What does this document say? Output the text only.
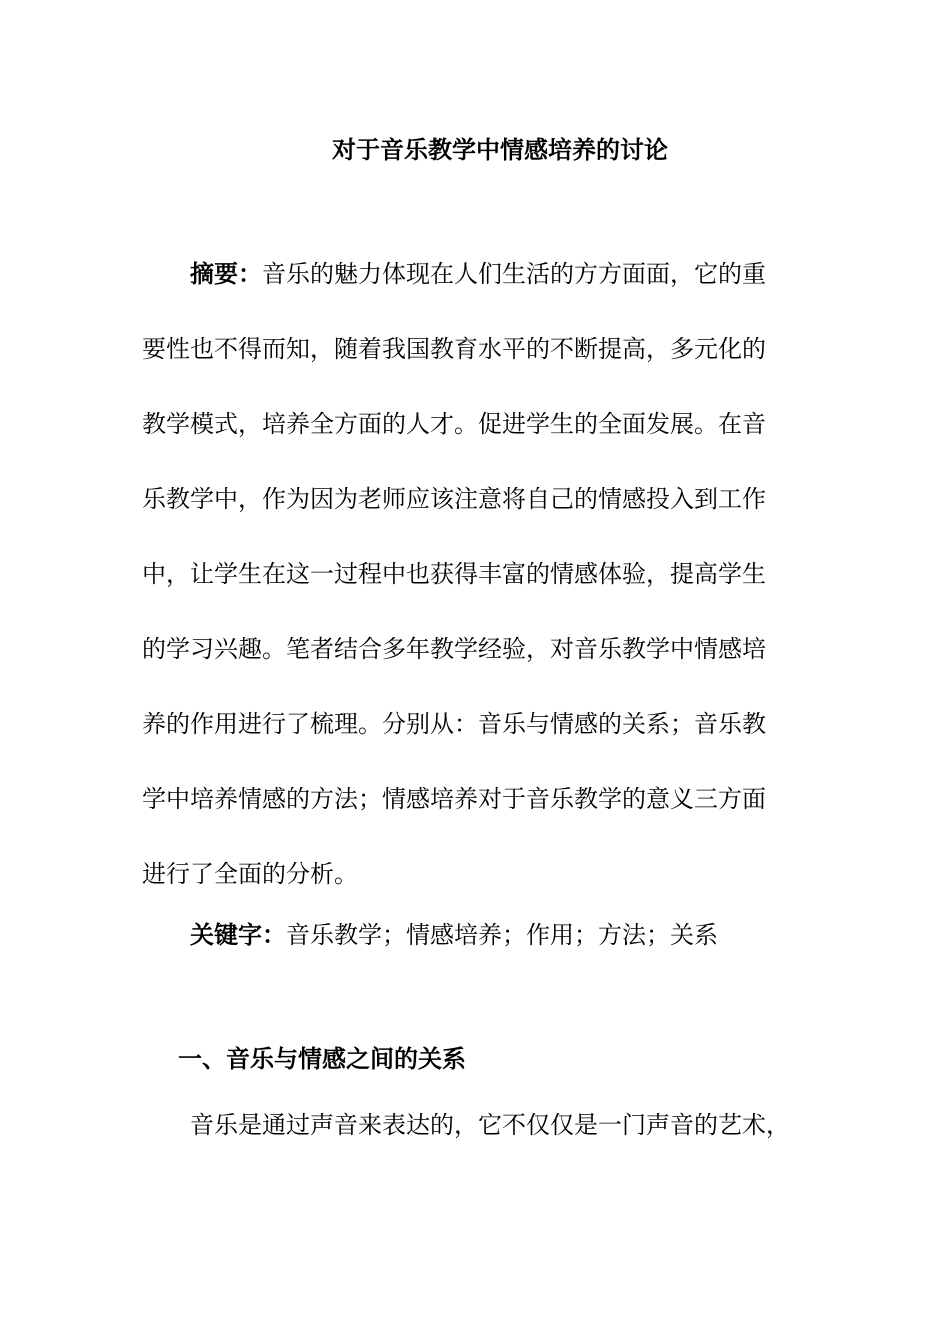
对于音乐教学中情感培养的讨论
摘要：音乐的魅力体现在人们生活的方方面面，它的重
要性也不得而知，随着我国教育水平的不断提高，多元化的
教学模式，培养全方面的人才。促进学生的全面发展。在音
乐教学中，作为因为老师应该注意将自己的情感投入到工作
中，让学生在这一过程中也获得丰富的情感体验，提高学生
的学习兴趣。笔者结合多年教学经验，对音乐教学中情感培
养的作用进行了梳理。分别从：音乐与情感的关系；音乐教
学中培养情感的方法；情感培养对于音乐教学的意义三方面
进行了全面的分析。
关键字：音乐教学；情感培养；作用；方法；关系
一、音乐与情感之间的关系
音乐是通过声音来表达的，它不仅仅是一门声音的艺术，
